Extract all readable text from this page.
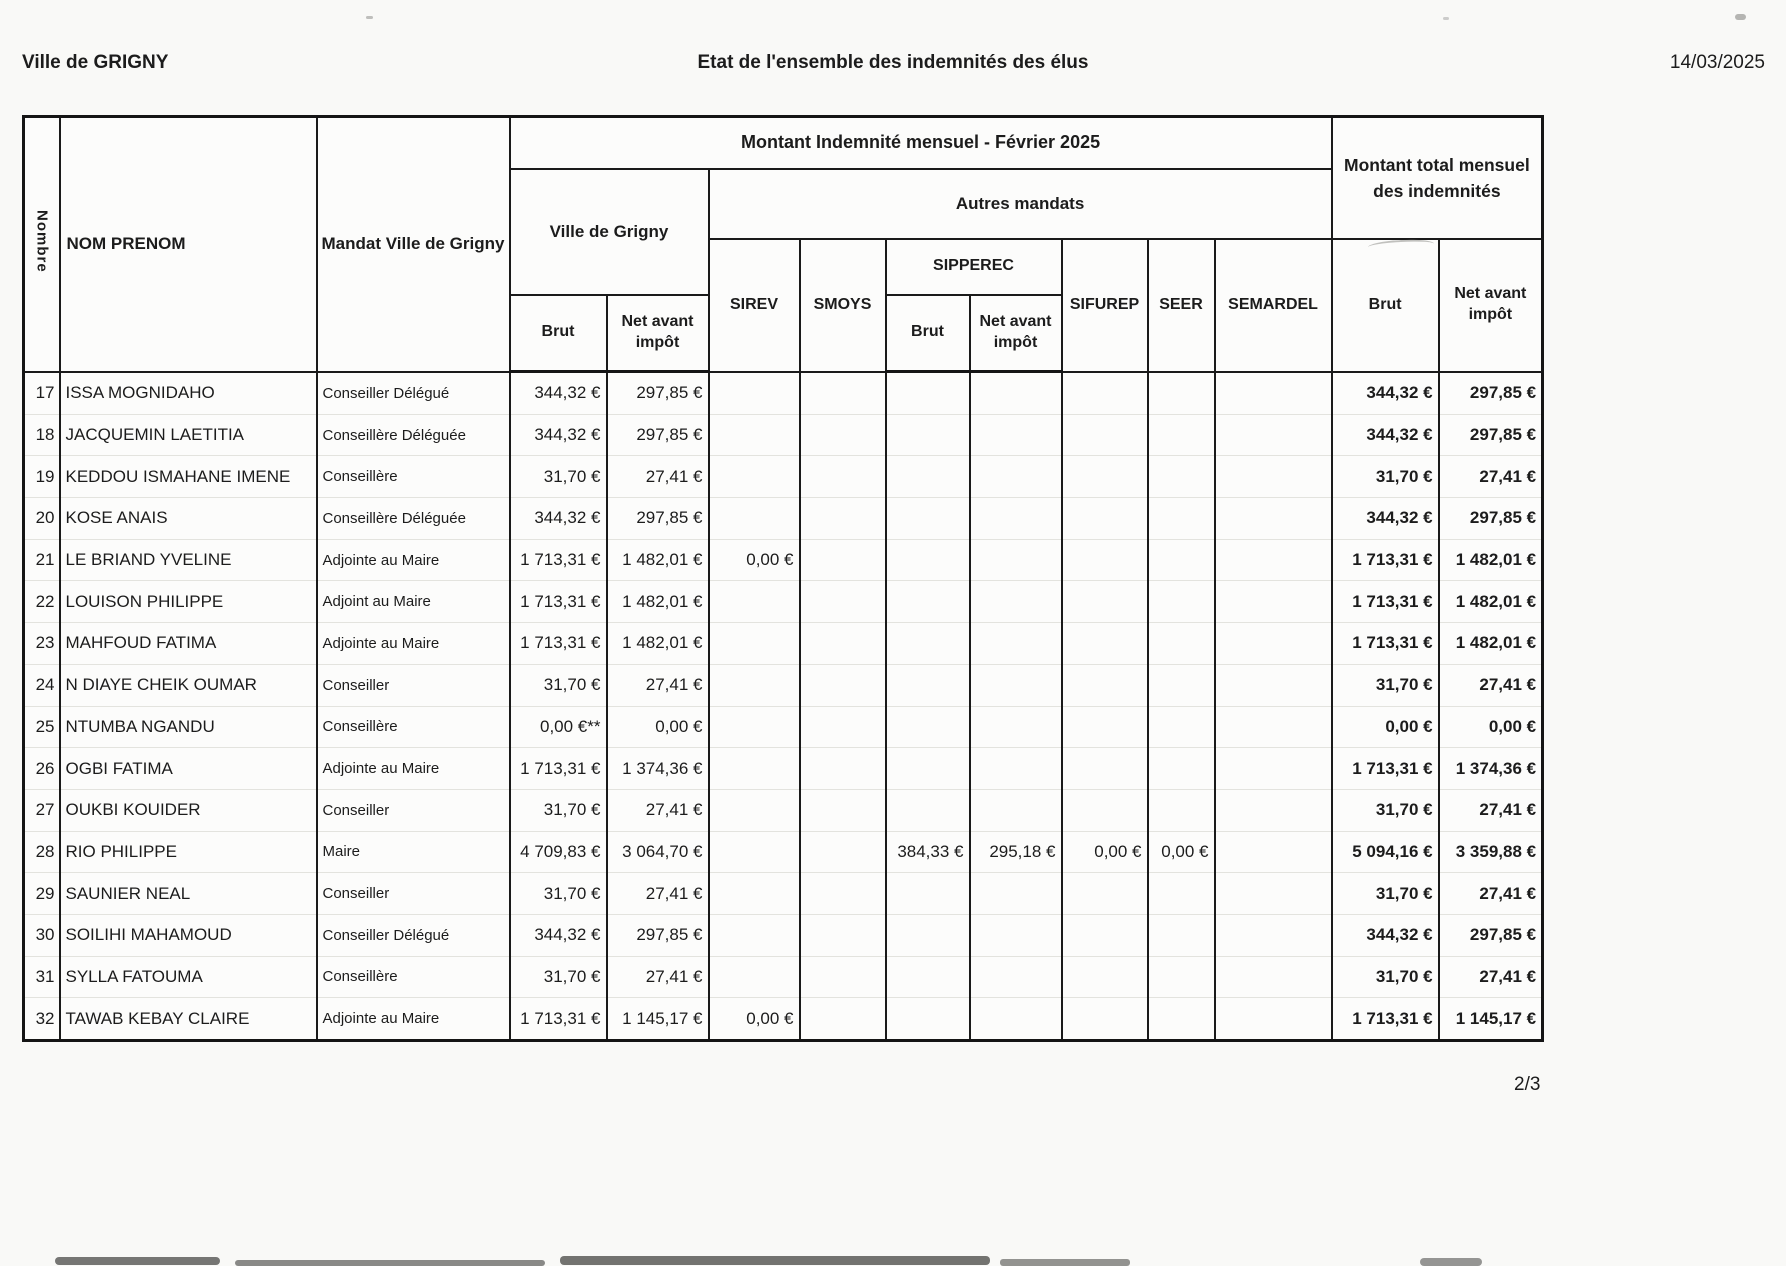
Ville de GRIGNY	Etat de l'ensemble des indemnités des élus	14/03/2025
Nombre	NOM PRENOM	Mandat Ville de Grigny	Montant Indemnité mensuel - Février 2025									Montant total mensuel des indemnités	
			Ville de Grigny		Autres mandats								
					SIREV	SMOYS	SIPPEREC		SIFUREP	SEER	SEMARDEL	Brut	Net avant impôt
			Brut	Net avant impôt			Brut	Net avant impôt					
17	ISSA MOGNIDAHO	Conseiller Délégué	344,32 €	297,85 €								344,32 €	297,85 €
18	JACQUEMIN LAETITIA	Conseillère Déléguée	344,32 €	297,85 €								344,32 €	297,85 €
19	KEDDOU ISMAHANE IMENE	Conseillère	31,70 €	27,41 €								31,70 €	27,41 €
20	KOSE ANAIS	Conseillère Déléguée	344,32 €	297,85 €								344,32 €	297,85 €
21	LE BRIAND YVELINE	Adjointe au Maire	1 713,31 €	1 482,01 €	0,00 €							1 713,31 €	1 482,01 €
22	LOUISON PHILIPPE	Adjoint au Maire	1 713,31 €	1 482,01 €								1 713,31 €	1 482,01 €
23	MAHFOUD FATIMA	Adjointe au Maire	1 713,31 €	1 482,01 €								1 713,31 €	1 482,01 €
24	N DIAYE CHEIK OUMAR	Conseiller	31,70 €	27,41 €								31,70 €	27,41 €
25	NTUMBA NGANDU	Conseillère	0,00 €**	0,00 €								0,00 €	0,00 €
26	OGBI FATIMA	Adjointe au Maire	1 713,31 €	1 374,36 €								1 713,31 €	1 374,36 €
27	OUKBI KOUIDER	Conseiller	31,70 €	27,41 €								31,70 €	27,41 €
28	RIO PHILIPPE	Maire	4 709,83 €	3 064,70 €			384,33 €	295,18 €	0,00 €	0,00 €		5 094,16 €	3 359,88 €
29	SAUNIER NEAL	Conseiller	31,70 €	27,41 €								31,70 €	27,41 €
30	SOILIHI MAHAMOUD	Conseiller Délégué	344,32 €	297,85 €								344,32 €	297,85 €
31	SYLLA FATOUMA	Conseillère	31,70 €	27,41 €								31,70 €	27,41 €
32	TAWAB KEBAY CLAIRE	Adjointe au Maire	1 713,31 €	1 145,17 €	0,00 €							1 713,31 €	1 145,17 €
2/3
